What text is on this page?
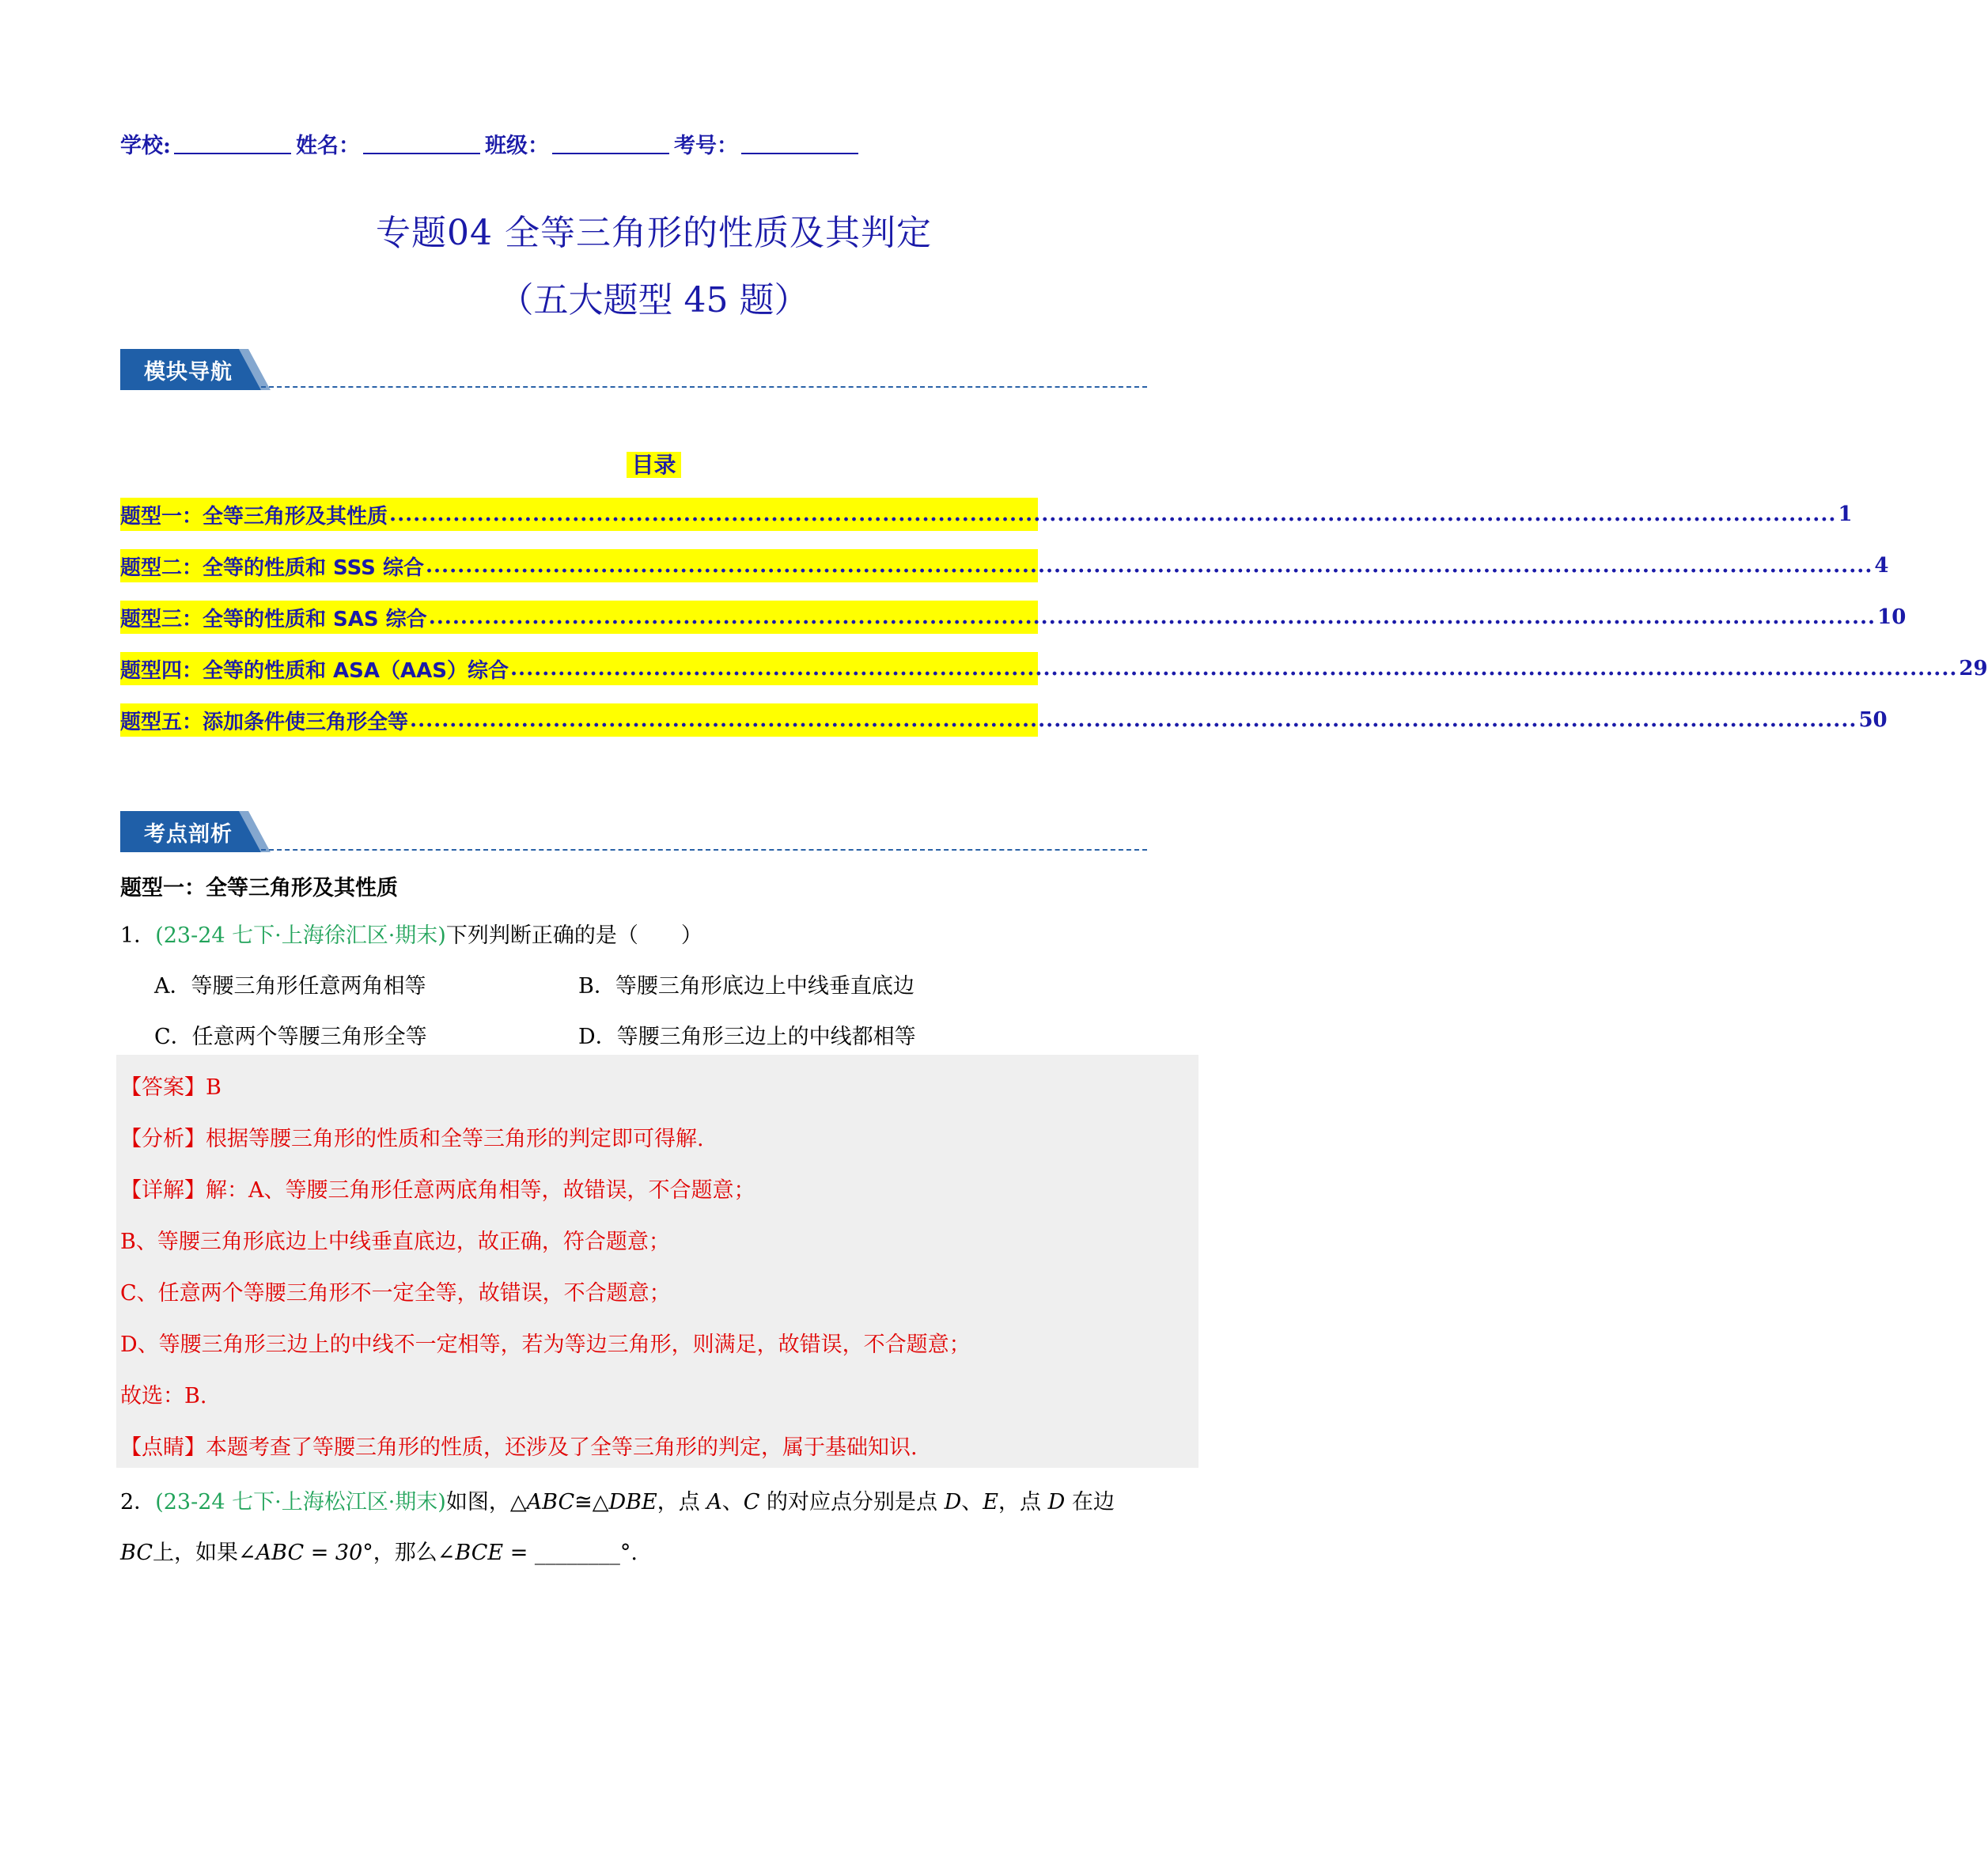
学校:	姓名：	班级：	考号：
专题04 全等三角形的性质及其判定
（五大题型 45 题）
模块导航
目录
题型一：全等三角形及其性质 ...................................................................................................................................................................................... 1
题型二：全等的性质和 SSS 综合 ...................................................................................................................................................................................... 4
题型三：全等的性质和 SAS 综合 ...................................................................................................................................................................................... 10
题型四：全等的性质和 ASA（AAS）综合 ...................................................................................................................................................................................... 29
题型五：添加条件使三角形全等 ...................................................................................................................................................................................... 50
考点剖析
题型一：全等三角形及其性质
1．(23-24 七下·上海徐汇区·期末)下列判断正确的是（　　）
A．等腰三角形任意两角相等	B．等腰三角形底边上中线垂直底边
C．任意两个等腰三角形全等	D．等腰三角形三边上的中线都相等
【答案】B
【分析】根据等腰三角形的性质和全等三角形的判定即可得解.
【详解】解：A、等腰三角形任意两底角相等，故错误，不合题意；
B、等腰三角形底边上中线垂直底边，故正确，符合题意；
C、任意两个等腰三角形不一定全等，故错误，不合题意；
D、等腰三角形三边上的中线不一定相等，若为等边三角形，则满足，故错误，不合题意；
故选：B.
【点睛】本题考查了等腰三角形的性质，还涉及了全等三角形的判定，属于基础知识.
2．(23-24 七下·上海松江区·期末)如图，△ABC≅△DBE，点 A、C 的对应点分别是点 D、E，点 D 在边
BC上，如果∠ABC = 30°，那么∠BCE = ________°.
